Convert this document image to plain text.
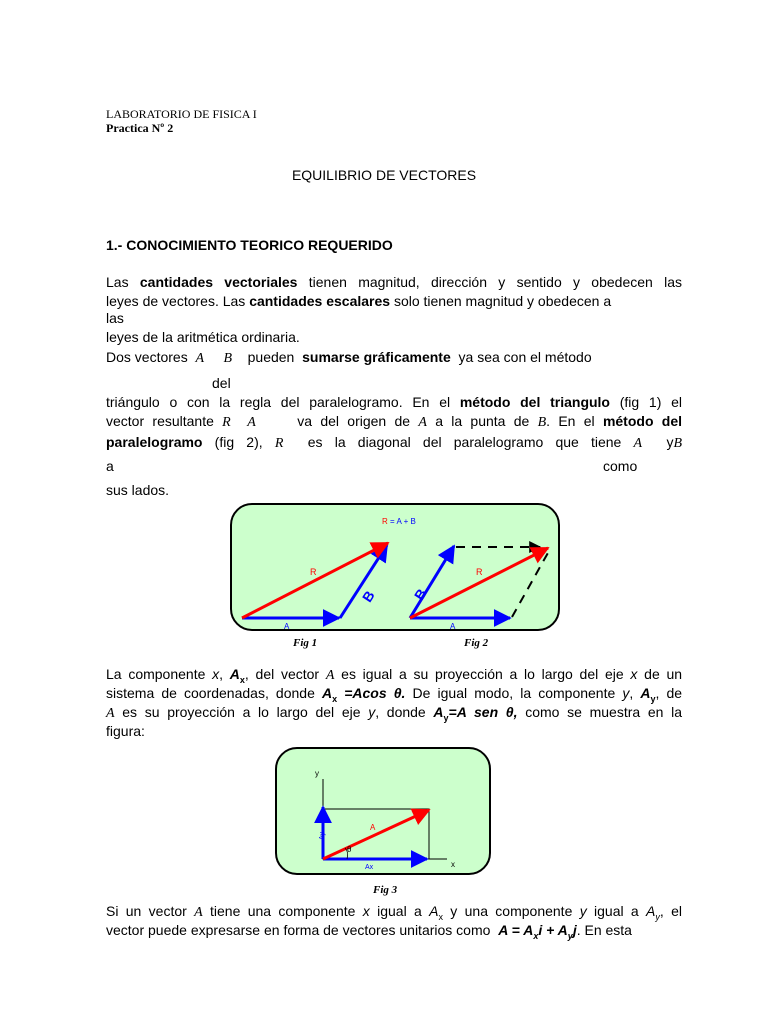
LABORATORIO DE FISICA I
Practica Nº 2
EQUILIBRIO DE VECTORES
1.- CONOCIMIENTO TEORICO REQUERIDO
Las cantidades vectoriales tienen magnitud, dirección y sentido y obedecen las
leyes de vectores. Las cantidades escalares solo tienen magnitud y obedecen a
las
leyes de la aritmética ordinaria.
Dos vectores A B pueden sumarse gráficamente  ya sea con el método
del
triángulo o con la regla del paralelogramo. En el método del triangulo (fig 1) el
vector resultante R A	va del origen de A a la punta de B. En el método del
paralelogramo (fig 2), R es la diagonal del paralelogramo que tiene A yB
a	como
sus lados.
R = A + B
R
A
B
R
A
B
Fig 1	Fig 2
La componente x, $A_x$, del vector A es igual a su proyección a lo largo del eje x de un
sistema de coordenadas, donde $A_x =Acos$ θ. De igual modo, la componente y, $A_y$, de
A es su proyección a lo largo del eje y, donde $A_y=A$ sen θ, como se muestra en la
figura:
y
x
A
θ
Ax
Ay
Fig 3
Si un vector A tiene una componente x igual a $A_x$ y una componente y igual a $A_y$, el
vector puede expresarse en forma de vectores unitarios como $A = A_xi + A_yj$. En esta
